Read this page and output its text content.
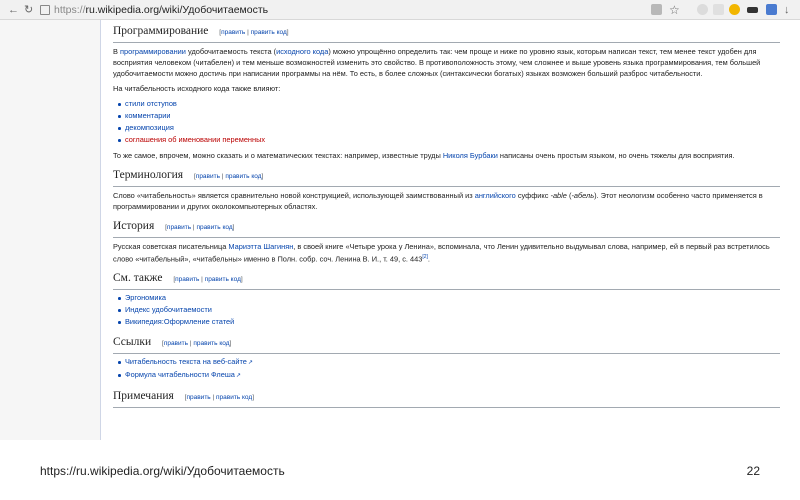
← ↻ https://ru.wikipedia.org/wiki/Удобочитаемость	☆	↓
Программирование [править | править код]

В программировании удобочитаемость текста (исходного кода) можно упрощённо определить так: чем проще и ниже по уровню язык, которым написан текст, тем менее текст удобен для восприятия человеком (читабелен) и тем меньше возможностей изменить это свойство. В противоположность этому, чем сложнее и выше уровень языка программирования, тем большей удобочитаемости можно достичь при написании программы на нём. То есть, в более сложных (синтаксически богатых) языках возможен больший разброс читабельности.

На читабельность исходного кода также влияют:

стили отступов
комментарии
декомпозиция
соглашения об именовании переменных

То же самое, впрочем, можно сказать и о математических текстах: например, известные труды Николя Бурбаки написаны очень простым языком, но очень тяжелы для восприятия.

Терминология [править | править код]

Слово «читабельность» является сравнительно новой конструкцией, использующей заимствованный из английского суффикс -able (-абель). Этот неологизм особенно часто применяется в программировании и других околокомпьютерных областях.

История [править | править код]

Русская советская писательница Мариэтта Шагинян, в своей книге «Четыре урока у Ленина», вспоминала, что Ленин удивительно выдумывал слова, например, ей в первый раз встретилось слово «читабельный», «читабельны» именно в Полн. собр. соч. Ленина В. И., т. 49, с. 443[2].

См. также [править | править код]
Эргономика
Индекс удобочитаемости
Википедия:Оформление статей
Ссылки [править | править код]
Читабельность текста на веб-сайте ↗
Формула читабельности Флеша ↗
Примечания [править | править код]
https://ru.wikipedia.org/wiki/Удобочитаемость	22
